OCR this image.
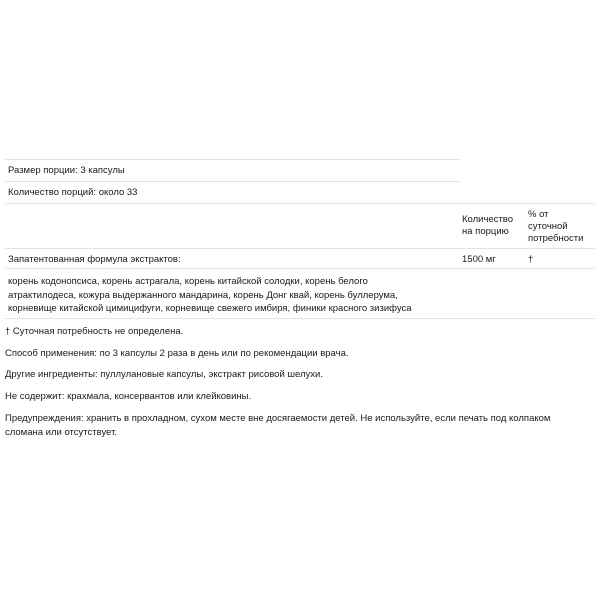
Размер порции: 3 капсулы
Количество порций: около 33
Количество
на порцию
% от
суточной
потребности
Запатентованная формула экстрактов:	1500 мг	†
корень кодонопсиса, корень астрагала, корень китайской солодки, корень белого
атрактилодеса, кожура выдержанного мандарина, корень Донг квай, корень буллерума,
корневище китайской цимицифуги, корневище свежего имбиря, финики красного зизифуса
† Суточная потребность не определена.
Способ применения: по 3 капсулы 2 раза в день или по рекомендации врача.
Другие ингредиенты: пуллулановые капсулы, экстракт рисовой шелухи.
Не содержит: крахмала, консервантов или клейковины.
Предупреждения: хранить в прохладном, сухом месте вне досягаемости детей. Не используйте, если печать под колпаком
сломана или отсутствует.
